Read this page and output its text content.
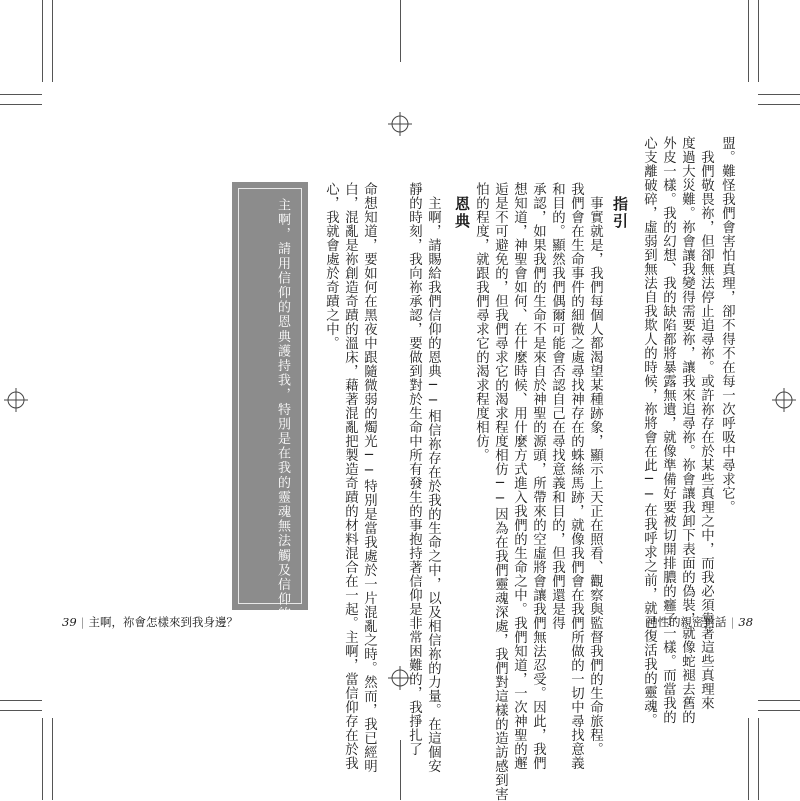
盟。難怪我們會害怕真理，卻不得不在每一次呼吸中尋求它。
我們敬畏祢，但卻無法停止追尋祢。或許祢存在於某些真理之中，而我必須靠著這些真理來
度過大災難。祢會讓我變得需要祢，讓我來追尋祢。祢會讓我卸下表面的偽裝，就像蛇褪去舊的
外皮一樣。我的幻想、我的缺陷都將暴露無遺，就像準備好要被切開排膿的癰子一樣。而當我的
心支離破碎，虛弱到無法自我欺人的時候，祢將會在此──在我呼求之前，就已復活我的靈魂。
指引
事實就是，我們每個人都渴望某種跡象，顯示上天正在照看、觀察與監督我們的生命旅程。
我們會在生命事件的細微之處尋找神存在的蛛絲馬跡，就像我們會在我們所做的一切中尋找意義
和目的。顯然我們偶爾可能會否認自己在尋找意義和目的，但我們還是得
承認，如果我們的生命不是來自於神聖的源頭，所帶來的空虛將會讓我們無法忍受。因此，我們
想知道，神聖會如何、在什麼時候、用什麼方式進入我們的生命之中。我們知道，一次神聖的邂
逅是不可避免的，但我們尋求它的渴求程度相仿──因為在我們靈魂深處，我們對這樣的造訪感到害
怕的程度，就跟我們尋求它的渴求程度相仿。
恩典
主啊，請賜給我們信仰的恩典──相信祢存在於我的生命之中，以及相信祢的力量。在這個安
靜的時刻，我向祢承認，要做到對於生命中所有發生的事抱持著信仰是非常困難的，我掙扎了	神性的親密對話 | 38
命想知道，要如何在黑夜中跟隨微弱的燭光──特別是當我處於一片混亂之時。然而，我已經明
白，混亂是祢創造奇蹟的溫床，藉著混亂把製造奇蹟的材料混合在一起。主啊，當信仰存在於我
心，我就會處於奇蹟之中。
主啊，請用信仰的恩典護持我，特別是在我的靈魂無法觸及信仰的力量之時。
39 | 主啊，祢會怎樣來到我身邊？
